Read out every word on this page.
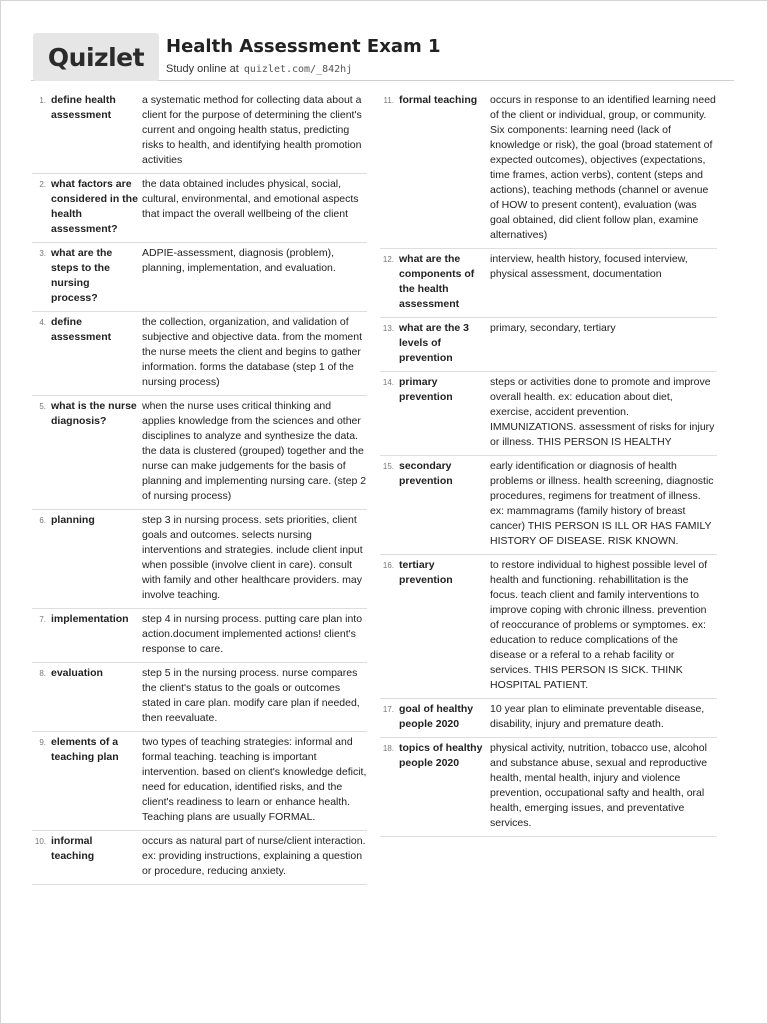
Quizlet Health Assessment Exam 1
Study online at quizlet.com/_842hj
1. define health assessment
a systematic method for collecting data about a client for the purpose of determining the client's current and ongoing health status, predicting risks to health, and identifying health promotion activities
2. what factors are considered in the health assessment?
the data obtained includes physical, social, cultural, environmental, and emotional aspects that impact the overall wellbeing of the client
3. what are the steps to the nursing process?
ADPIE-assessment, diagnosis (problem), planning, implementation, and evaluation.
4. define assessment
the collection, organization, and validation of subjective and objective data. from the moment the nurse meets the client and begins to gather information. forms the database (step 1 of the nursing process)
5. what is the nurse diagnosis?
when the nurse uses critical thinking and applies knowledge from the sciences and other disciplines to analyze and synthesize the data. the data is clustered (grouped) together and the nurse can make judgements for the basis of planning and implementing nursing care. (step 2 of nursing process)
6. planning	step 3 in nursing process. sets priorities, client goals and outcomes. selects nursing interventions and strategies. include client input when possible (involve client in care). consult with family and other healthcare providers. may involve teaching.
7. implementation	step 4 in nursing process. putting care plan into action.document implemented actions! client's response to care.
8. evaluation	step 5 in the nursing process. nurse compares the client's status to the goals or outcomes stated in care plan. modify care plan if needed, then reevaluate.
9. elements of a teaching plan
two types of teaching strategies: informal and formal teaching. teaching is important intervention. based on client's knowledge deficit, need for education, identified risks, and the client's readiness to learn or enhance health. Teaching plans are usually FORMAL.
10. informal teaching
occurs as natural part of nurse/client interaction. ex: providing instructions, explaining a question or procedure, reducing anxiety.
11. formal teaching	occurs in response to an identified learning need of the client or individual, group, or community. Six components: learning need (lack of knowledge or risk), the goal (broad statement of expected outcomes), objectives (expectations, time frames, action verbs), content (steps and actions), teaching methods (channel or avenue of HOW to present content), evaluation (was goal obtained, did client follow plan, examine alternatives)
12. what are the components of the health assessment
interview, health history, focused interview, physical assessment, documentation
13. what are the 3 levels of prevention
primary, secondary, tertiary
14. primary prevention
steps or activities done to promote and improve overall health. ex: education about diet, exercise, accident prevention. IMMUNIZATIONS. assessment of risks for injury or illness. THIS PERSON IS HEALTHY
15. secondary prevention
early identification or diagnosis of health problems or illness. health screening, diagnostic procedures, regimens for treatment of illness. ex: mammagrams (family history of breast cancer) THIS PERSON IS ILL OR HAS FAMILY HISTORY OF DISEASE. RISK KNOWN.
16. tertiary prevention
to restore individual to highest possible level of health and functioning. rehabillitation is the focus. teach client and family interventions to improve coping with chronic illness. prevention of reoccurance of problems or symptomes. ex: education to reduce complications of the disease or a referal to a rehab facility or services. THIS PERSON IS SICK. THINK HOSPITAL PATIENT.
17. goal of healthy people 2020
10 year plan to eliminate preventable disease, disability, injury and premature death.
18. topics of healthy people 2020
physical activity, nutrition, tobacco use, alcohol and substance abuse, sexual and reproductive health, mental health, injury and violence prevention, occupational safty and health, oral health, emerging issues, and preventative services.
